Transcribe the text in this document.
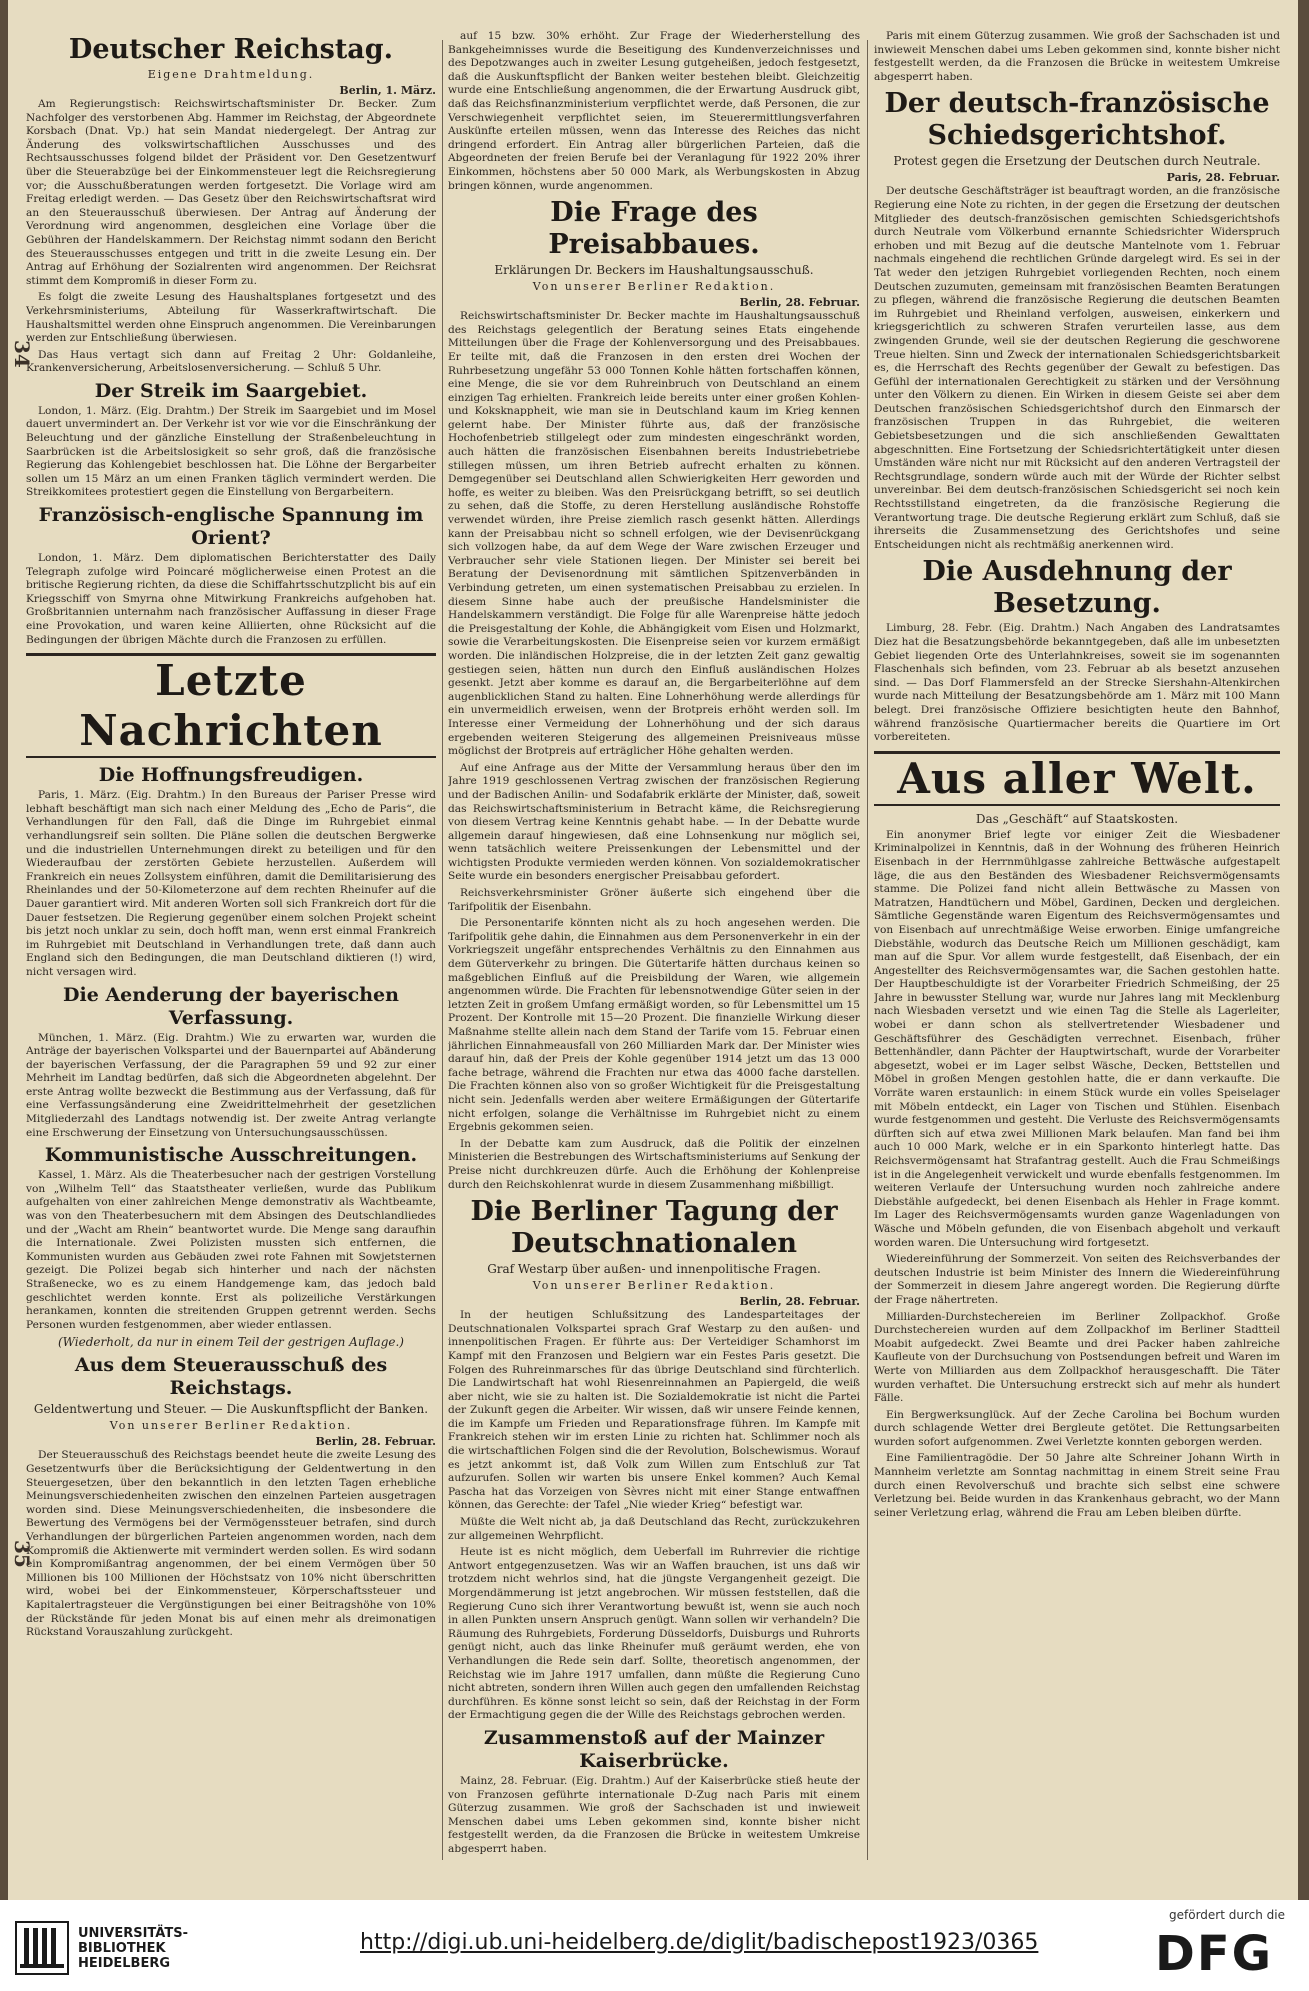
Deutscher Reichstag.
Eigene Drahtmeldung.
Berlin, 1. März.

Am Regierungstisch: Reichswirtschaftsminister Dr. Becker. Zum Nachfolger des verstorbenen Abg. Hammer im Reichstag, der Abgeordnete Korsbach (Dnat. Vp.) hat sein Mandat niedergelegt. Der Antrag zur Änderung des volkswirtschaftlichen Ausschusses und des Rechtsausschusses folgend bildet der Präsident vor. Den Gesetzentwurf über die Steuerabzüge bei der Einkommensteuer legt die Reichsregierung vor; die Ausschußberatungen werden fortgesetzt. Die Vorlage wird am Freitag erledigt werden. — Das Gesetz über den Reichswirtschaftsrat wird an den Steuerausschuß überwiesen. Der Antrag auf Änderung der Verordnung wird angenommen, desgleichen eine Vorlage über die Gebühren der Handelskammern. Der Reichstag nimmt sodann den Bericht des Steuerausschusses entgegen und tritt in die zweite Lesung ein. Der Antrag auf Erhöhung der Sozialrenten wird angenommen. Der Reichsrat stimmt dem Kompromiß in dieser Form zu.

Es folgt die zweite Lesung des Haushaltsplanes fortgesetzt und des Verkehrsministeriums, Abteilung für Wasserkraftwirtschaft. Die Haushaltsmittel werden ohne Einspruch angenommen. Die Vereinbarungen werden zur Entschließung überwiesen.

Das Haus vertagt sich dann auf Freitag 2 Uhr: Goldanleihe, Krankenversicherung, Arbeitslosenversicherung. — Schluß 5 Uhr.

Der Streik im Saargebiet.

London, 1. März. (Eig. Drahtm.) Der Streik im Saargebiet und im Mosel dauert unvermindert an. Der Verkehr ist vor wie vor die Einschränkung der Beleuchtung und der gänzliche Einstellung der Straßenbeleuchtung in Saarbrücken ist die Arbeitslosigkeit so sehr groß, daß die französische Regierung das Kohlengebiet beschlossen hat. Die Löhne der Bergarbeiter sollen um 15 März an um einen Franken täglich vermindert werden. Die Streikkomitees protestiert gegen die Einstellung von Bergarbeitern.

Französisch-englische Spannung im Orient?

London, 1. März. Dem diplomatischen Berichterstatter des Daily Telegraph zufolge wird Poincaré möglicherweise einen Protest an die britische Regierung richten, da diese die Schiffahrtsschutzplicht bis auf ein Kriegsschiff von Smyrna ohne Mitwirkung Frankreichs aufgehoben hat. Großbritannien unternahm nach französischer Auffassung in dieser Frage eine Provokation, und waren keine Alliierten, ohne Rücksicht auf die Bedingungen der übrigen Mächte durch die Franzosen zu erfüllen.

Letzte Nachrichten
Die Hoffnungsfreudigen.

Paris, 1. März. (Eig. Drahtm.) In den Bureaus der Pariser Presse wird lebhaft beschäftigt man sich nach einer Meldung des „Echo de Paris“, die Verhandlungen für den Fall, daß die Dinge im Ruhrgebiet einmal verhandlungsreif sein sollten. Die Pläne sollen die deutschen Bergwerke und die industriellen Unternehmungen direkt zu beteiligen und für den Wiederaufbau der zerstörten Gebiete herzustellen. Außerdem will Frankreich ein neues Zollsystem einführen, damit die Demilitarisierung des Rheinlandes und der 50-Kilometerzone auf dem rechten Rheinufer auf die Dauer garantiert wird. Mit anderen Worten soll sich Frankreich dort für die Dauer festsetzen. Die Regierung gegenüber einem solchen Projekt scheint bis jetzt noch unklar zu sein, doch hofft man, wenn erst einmal Frankreich im Ruhrgebiet mit Deutschland in Verhandlungen trete, daß dann auch England sich den Bedingungen, die man Deutschland diktieren (!) wird, nicht versagen wird.

Die Aenderung der bayerischen Verfassung.

München, 1. März. (Eig. Drahtm.) Wie zu erwarten war, wurden die Anträge der bayerischen Volkspartei und der Bauernpartei auf Abänderung der bayerischen Verfassung, der die Paragraphen 59 und 92 zur einer Mehrheit im Landtag bedürfen, daß sich die Abgeordneten abgelehnt. Der erste Antrag wollte bezweckt die Bestimmung aus der Verfassung, daß für eine Verfassungsänderung eine Zweidrittelmehrheit der gesetzlichen Mitgliederzahl des Landtags notwendig ist. Der zweite Antrag verlangte eine Erschwerung der Einsetzung von Untersuchungsausschüssen.

Kommunistische Ausschreitungen.

Kassel, 1. März. Als die Theaterbesucher nach der gestrigen Vorstellung von „Wilhelm Tell“ das Staatstheater verließen, wurde das Publikum aufgehalten von einer zahlreichen Menge demonstrativ als Wachtbeamte, was von den Theaterbesuchern mit dem Absingen des Deutschlandliedes und der „Wacht am Rhein“ beantwortet wurde. Die Menge sang daraufhin die Internationale. Zwei Polizisten mussten sich entfernen, die Kommunisten wurden aus Gebäuden zwei rote Fahnen mit Sowjetsternen gezeigt. Die Polizei begab sich hinterher und nach der nächsten Straßenecke, wo es zu einem Handgemenge kam, das jedoch bald geschlichtet werden konnte. Erst als polizeiliche Verstärkungen herankamen, konnten die streitenden Gruppen getrennt werden. Sechs Personen wurden festgenommen, aber wieder entlassen.

(Wiederholt, da nur in einem Teil der gestrigen Auflage.)
Aus dem Steuerausschuß des Reichstags.
Geldentwertung und Steuer. — Die Auskunftspflicht der Banken.
Von unserer Berliner Redaktion.
Berlin, 28. Februar.

Der Steuerausschuß des Reichstags beendet heute die zweite Lesung des Gesetzentwurfs über die Berücksichtigung der Geldentwertung in den Steuergesetzen, über den bekanntlich in den letzten Tagen erhebliche Meinungsverschiedenheiten zwischen den einzelnen Parteien ausgetragen worden sind. Diese Meinungsverschiedenheiten, die insbesondere die Bewertung des Vermögens bei der Vermögenssteuer betrafen, sind durch Verhandlungen der bürgerlichen Parteien angenommen worden, nach dem Kompromiß die Aktienwerte mit vermindert werden sollen. Es wird sodann ein Kompromißantrag angenommen, der bei einem Vermögen über 50 Millionen bis 100 Millionen der Höchstsatz von 10% nicht überschritten wird, wobei bei der Einkommensteuer, Körperschaftssteuer und Kapitalertragsteuer die Vergünstigungen bei einer Beitragshöhe von 10% der Rückstände für jeden Monat bis auf einen mehr als dreimonatigen Rückstand Vorauszahlung zurückgeht.

auf 15 bzw. 30% erhöht. Zur Frage der Wiederherstellung des Bankgeheimnisses wurde die Beseitigung des Kundenverzeichnisses und des Depotzwanges auch in zweiter Lesung gutgeheißen, jedoch festgesetzt, daß die Auskunftspflicht der Banken weiter bestehen bleibt. Gleichzeitig wurde eine Entschließung angenommen, die der Erwartung Ausdruck gibt, daß das Reichsfinanzministerium verpflichtet werde, daß Personen, die zur Verschwiegenheit verpflichtet seien, im Steuerermittlungsverfahren Auskünfte erteilen müssen, wenn das Interesse des Reiches das nicht dringend erfordert. Ein Antrag aller bürgerlichen Parteien, daß die Abgeordneten der freien Berufe bei der Veranlagung für 1922 20% ihrer Einkommen, höchstens aber 50 000 Mark, als Werbungskosten in Abzug bringen können, wurde angenommen.

Die Frage des Preisabbaues.
Erklärungen Dr. Beckers im Haushaltungsausschuß.
Von unserer Berliner Redaktion.
Berlin, 28. Februar.

Reichswirtschaftsminister Dr. Becker machte im Haushaltungsausschuß des Reichstags gelegentlich der Beratung seines Etats eingehende Mitteilungen über die Frage der Kohlenversorgung und des Preisabbaues. Er teilte mit, daß die Franzosen in den ersten drei Wochen der Ruhrbesetzung ungefähr 53 000 Tonnen Kohle hätten fortschaffen können, eine Menge, die sie vor dem Ruhreinbruch von Deutschland an einem einzigen Tag erhielten. Frankreich leide bereits unter einer großen Kohlen- und Koksknappheit, wie man sie in Deutschland kaum im Krieg kennen gelernt habe. Der Minister führte aus, daß der französische Hochofenbetrieb stillgelegt oder zum mindesten eingeschränkt worden, auch hätten die französischen Eisenbahnen bereits Industriebetriebe stillegen müssen, um ihren Betrieb aufrecht erhalten zu können. Demgegenüber sei Deutschland allen Schwierigkeiten Herr geworden und hoffe, es weiter zu bleiben. Was den Preisrückgang betrifft, so sei deutlich zu sehen, daß die Stoffe, zu deren Herstellung ausländische Rohstoffe verwendet würden, ihre Preise ziemlich rasch gesenkt hätten. Allerdings kann der Preisabbau nicht so schnell erfolgen, wie der Devisenrückgang sich vollzogen habe, da auf dem Wege der Ware zwischen Erzeuger und Verbraucher sehr viele Stationen liegen. Der Minister sei bereit bei Beratung der Devisenordnung mit sämtlichen Spitzenverbänden in Verbindung getreten, um einen systematischen Preisabbau zu erzielen. In diesem Sinne habe auch der preußische Handelsminister die Handelskammern verständigt. Die Folge für alle Warenpreise hätte jedoch die Preisgestaltung der Kohle, die Abhängigkeit vom Eisen und Holzmarkt, sowie die Verarbeitungskosten. Die Eisenpreise seien vor kurzem ermäßigt worden. Die inländischen Holzpreise, die in der letzten Zeit ganz gewaltig gestiegen seien, hätten nun durch den Einfluß ausländischen Holzes gesenkt. Jetzt aber komme es darauf an, die Bergarbeiterlöhne auf dem augenblicklichen Stand zu halten. Eine Lohnerhöhung werde allerdings für ein unvermeidlich erweisen, wenn der Brotpreis erhöht werden soll. Im Interesse einer Vermeidung der Lohnerhöhung und der sich daraus ergebenden weiteren Steigerung des allgemeinen Preisniveaus müsse möglichst der Brotpreis auf erträglicher Höhe gehalten werden.

Auf eine Anfrage aus der Mitte der Versammlung heraus über den im Jahre 1919 geschlossenen Vertrag zwischen der französischen Regierung und der Badischen Anilin- und Sodafabrik erklärte der Minister, daß, soweit das Reichswirtschaftsministerium in Betracht käme, die Reichsregierung von diesem Vertrag keine Kenntnis gehabt habe. — In der Debatte wurde allgemein darauf hingewiesen, daß eine Lohnsenkung nur möglich sei, wenn tatsächlich weitere Preissenkungen der Lebensmittel und der wichtigsten Produkte vermieden werden können. Von sozialdemokratischer Seite wurde ein besonders energischer Preisabbau gefordert.

Reichsverkehrsminister Gröner äußerte sich eingehend über die Tarifpolitik der Eisenbahn.

Die Personentarife könnten nicht als zu hoch angesehen werden. Die Tarifpolitik gehe dahin, die Einnahmen aus dem Personenverkehr in ein der Vorkriegszeit ungefähr entsprechendes Verhältnis zu den Einnahmen aus dem Güterverkehr zu bringen. Die Gütertarife hätten durchaus keinen so maßgeblichen Einfluß auf die Preisbildung der Waren, wie allgemein angenommen würde. Die Frachten für lebensnotwendige Güter seien in der letzten Zeit in großem Umfang ermäßigt worden, so für Lebensmittel um 15 Prozent. Der Kontrolle mit 15—20 Prozent. Die finanzielle Wirkung dieser Maßnahme stellte allein nach dem Stand der Tarife vom 15. Februar einen jährlichen Einnahmeausfall von 260 Milliarden Mark dar. Der Minister wies darauf hin, daß der Preis der Kohle gegenüber 1914 jetzt um das 13 000 fache betrage, während die Frachten nur etwa das 4000 fache darstellen. Die Frachten können also von so großer Wichtigkeit für die Preisgestaltung nicht sein. Jedenfalls werden aber weitere Ermäßigungen der Gütertarife nicht erfolgen, solange die Verhältnisse im Ruhrgebiet nicht zu einem Ergebnis gekommen seien.

In der Debatte kam zum Ausdruck, daß die Politik der einzelnen Ministerien die Bestrebungen des Wirtschaftsministeriums auf Senkung der Preise nicht durchkreuzen dürfe. Auch die Erhöhung der Kohlenpreise durch den Reichskohlenrat wurde in diesem Zusammenhang mißbilligt.

Die Berliner Tagung der Deutschnationalen
Graf Westarp über außen- und innenpolitische Fragen.
Von unserer Berliner Redaktion.
Berlin, 28. Februar.

In der heutigen Schlußsitzung des Landesparteitages der Deutschnationalen Volkspartei sprach Graf Westarp zu den außen- und innenpolitischen Fragen. Er führte aus: Der Verteidiger Schamhorst im Kampf mit den Franzosen und Belgiern war ein Festes Paris gesetzt. Die Folgen des Ruhreinmarsches für das übrige Deutschland sind fürchterlich. Die Landwirtschaft hat wohl Riesenreinnahmen an Papiergeld, die weiß aber nicht, wie sie zu halten ist. Die Sozialdemokratie ist nicht die Partei der Zukunft gegen die Arbeiter. Wir wissen, daß wir unsere Feinde kennen, die im Kampfe um Frieden und Reparationsfrage führen. Im Kampfe mit Frankreich stehen wir im ersten Linie zu richten hat. Schlimmer noch als die wirtschaftlichen Folgen sind die der Revolution, Bolschewismus. Worauf es jetzt ankommt ist, daß Volk zum Willen zum Entschluß zur Tat aufzurufen. Sollen wir warten bis unsere Enkel kommen? Auch Kemal Pascha hat das Vorzeigen von Sèvres nicht mit einer Stange entwaffnen können, das Gerechte: der Tafel „Nie wieder Krieg“ befestigt war.

Müßte die Welt nicht ab, ja daß Deutschland das Recht, zurückzukehren zur allgemeinen Wehrpflicht.

Heute ist es nicht möglich, dem Ueberfall im Ruhrrevier die richtige Antwort entgegenzusetzen. Was wir an Waffen brauchen, ist uns daß wir trotzdem nicht wehrlos sind, hat die jüngste Vergangenheit gezeigt. Die Morgendämmerung ist jetzt angebrochen. Wir müssen feststellen, daß die Regierung Cuno sich ihrer Verantwortung bewußt ist, wenn sie auch noch in allen Punkten unsern Anspruch genügt. Wann sollen wir verhandeln? Die Räumung des Ruhrgebiets, Forderung Düsseldorfs, Duisburgs und Ruhrorts genügt nicht, auch das linke Rheinufer muß geräumt werden, ehe von Verhandlungen die Rede sein darf. Sollte, theoretisch angenommen, der Reichstag wie im Jahre 1917 umfallen, dann müßte die Regierung Cuno nicht abtreten, sondern ihren Willen auch gegen den umfallenden Reichstag durchführen. Es könne sonst leicht so sein, daß der Reichstag in der Form der Ermachtigung gegen die der Wille des Reichstags gebrochen werden.

Zusammenstoß auf der Mainzer Kaiserbrücke.

Mainz, 28. Februar. (Eig. Drahtm.) Auf der Kaiserbrücke stieß heute der von Franzosen geführte internationale D-Zug nach Paris mit einem Güterzug zusammen. Wie groß der Sachschaden ist und inwieweit Menschen dabei ums Leben gekommen sind, konnte bisher nicht festgestellt werden, da die Franzosen die Brücke in weitestem Umkreise abgesperrt haben.

Paris mit einem Güterzug zusammen. Wie groß der Sachschaden ist und inwieweit Menschen dabei ums Leben gekommen sind, konnte bisher nicht festgestellt werden, da die Franzosen die Brücke in weitestem Umkreise abgesperrt haben.

Der deutsch-französische Schiedsgerichtshof.
Protest gegen die Ersetzung der Deutschen durch Neutrale.
Paris, 28. Februar.

Der deutsche Geschäftsträger ist beauftragt worden, an die französische Regierung eine Note zu richten, in der gegen die Ersetzung der deutschen Mitglieder des deutsch-französischen gemischten Schiedsgerichtshofs durch Neutrale vom Völkerbund ernannte Schiedsrichter Widerspruch erhoben und mit Bezug auf die deutsche Mantelnote vom 1. Februar nachmals eingehend die rechtlichen Gründe dargelegt wird. Es sei in der Tat weder den jetzigen Ruhrgebiet vorliegenden Rechten, noch einem Deutschen zuzumuten, gemeinsam mit französischen Beamten Beratungen zu pflegen, während die französische Regierung die deutschen Beamten im Ruhrgebiet und Rheinland verfolgen, ausweisen, einkerkern und kriegsgerichtlich zu schweren Strafen verurteilen lasse, aus dem zwingenden Grunde, weil sie der deutschen Regierung die geschworene Treue hielten. Sinn und Zweck der internationalen Schiedsgerichtsbarkeit es, die Herrschaft des Rechts gegenüber der Gewalt zu befestigen. Das Gefühl der internationalen Gerechtigkeit zu stärken und der Versöhnung unter den Völkern zu dienen. Ein Wirken in diesem Geiste sei aber dem Deutschen französischen Schiedsgerichtshof durch den Einmarsch der französischen Truppen in das Ruhrgebiet, die weiteren Gebietsbesetzungen und die sich anschließenden Gewalttaten abgeschnitten. Eine Fortsetzung der Schiedsrichtertätigkeit unter diesen Umständen wäre nicht nur mit Rücksicht auf den anderen Vertragsteil der Rechtsgrundlage, sondern würde auch mit der Würde der Richter selbst unvereinbar. Bei dem deutsch-französischen Schiedsgericht sei noch kein Rechtsstillstand eingetreten, da die französische Regierung die Verantwortung trage. Die deutsche Regierung erklärt zum Schluß, daß sie ihrerseits die Zusammensetzung des Gerichtshofes und seine Entscheidungen nicht als rechtmäßig anerkennen wird.

Die Ausdehnung der Besetzung.

Limburg, 28. Febr. (Eig. Drahtm.) Nach Angaben des Landratsamtes Diez hat die Besatzungsbehörde bekanntgegeben, daß alle im unbesetzten Gebiet liegenden Orte des Unterlahnkreises, soweit sie im sogenannten Flaschenhals sich befinden, vom 23. Februar ab als besetzt anzusehen sind. — Das Dorf Flammersfeld an der Strecke Siershahn-Altenkirchen wurde nach Mitteilung der Besatzungsbehörde am 1. März mit 100 Mann belegt. Drei französische Offiziere besichtigten heute den Bahnhof, während französische Quartiermacher bereits die Quartiere im Ort vorbereiteten.

Aus aller Welt.
Das „Geschäft“ auf Staatskosten.

Ein anonymer Brief legte vor einiger Zeit die Wiesbadener Kriminalpolizei in Kenntnis, daß in der Wohnung des früheren Heinrich Eisenbach in der Herrnmühlgasse zahlreiche Bettwäsche aufgestapelt läge, die aus den Beständen des Wiesbadener Reichsvermögensamts stamme. Die Polizei fand nicht allein Bettwäsche zu Massen von Matratzen, Handtüchern und Möbel, Gardinen, Decken und dergleichen. Sämtliche Gegenstände waren Eigentum des Reichsvermögensamtes und von Eisenbach auf unrechtmäßige Weise erworben. Einige umfangreiche Diebstähle, wodurch das Deutsche Reich um Millionen geschädigt, kam man auf die Spur. Vor allem wurde festgestellt, daß Eisenbach, der ein Angestellter des Reichsvermögensamtes war, die Sachen gestohlen hatte. Der Hauptbeschuldigte ist der Vorarbeiter Friedrich Schmeißing, der 25 Jahre in bewusster Stellung war, wurde nur Jahres lang mit Mecklenburg nach Wiesbaden versetzt und wie einen Tag die Stelle als Lagerleiter, wobei er dann schon als stellvertretender Wiesbadener und Geschäftsführer des Geschädigten verrechnet. Eisenbach, früher Bettenhändler, dann Pächter der Hauptwirtschaft, wurde der Vorarbeiter abgesetzt, wobei er im Lager selbst Wäsche, Decken, Bettstellen und Möbel in großen Mengen gestohlen hatte, die er dann verkaufte. Die Vorräte waren erstaunlich: in einem Stück wurde ein volles Speiselager mit Möbeln entdeckt, ein Lager von Tischen und Stühlen. Eisenbach wurde festgenommen und gesteht. Die Verluste des Reichsvermögensamts dürften sich auf etwa zwei Millionen Mark belaufen. Man fand bei ihm auch 10 000 Mark, welche er in ein Sparkonto hinterlegt hatte. Das Reichsvermögensamt hat Strafantrag gestellt. Auch die Frau Schmeißings ist in die Angelegenheit verwickelt und wurde ebenfalls festgenommen. Im weiteren Verlaufe der Untersuchung wurden noch zahlreiche andere Diebstähle aufgedeckt, bei denen Eisenbach als Hehler in Frage kommt. Im Lager des Reichsvermögensamts wurden ganze Wagenladungen von Wäsche und Möbeln gefunden, die von Eisenbach abgeholt und verkauft worden waren. Die Untersuchung wird fortgesetzt.

Wiedereinführung der Sommerzeit. Von seiten des Reichsverbandes der deutschen Industrie ist beim Minister des Innern die Wiedereinführung der Sommerzeit in diesem Jahre angeregt worden. Die Regierung dürfte der Frage nähertreten.

Milliarden-Durchstechereien im Berliner Zollpackhof. Große Durchstechereien wurden auf dem Zollpackhof im Berliner Stadtteil Moabit aufgedeckt. Zwei Beamte und drei Packer haben zahlreiche Kaufleute von der Durchsuchung von Postsendungen befreit und Waren im Werte von Milliarden aus dem Zollpackhof herausgeschafft. Die Täter wurden verhaftet. Die Untersuchung erstreckt sich auf mehr als hundert Fälle.

Ein Bergwerksunglück. Auf der Zeche Carolina bei Bochum wurden durch schlagende Wetter drei Bergleute getötet. Die Rettungsarbeiten wurden sofort aufgenommen. Zwei Verletzte konnten geborgen werden.

Eine Familientragödie. Der 50 Jahre alte Schreiner Johann Wirth in Mannheim verletzte am Sonntag nachmittag in einem Streit seine Frau durch einen Revolverschuß und brachte sich selbst eine schwere Verletzung bei. Beide wurden in das Krankenhaus gebracht, wo der Mann seiner Verletzung erlag, während die Frau am Leben bleiben dürfte.

34
35
UNIVERSITÄTS-
BIBLIOTHEK
HEIDELBERG
http://digi.ub.uni-heidelberg.de/diglit/badischepost1923/0365
gefördert durch die
DFG
